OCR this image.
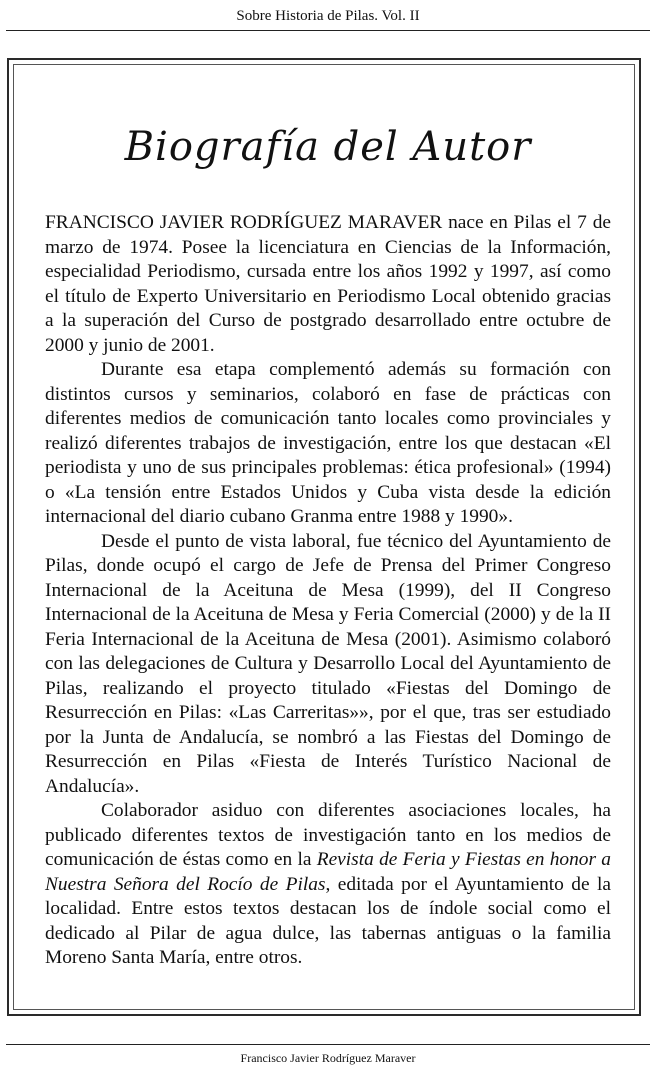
Sobre Historia de Pilas. Vol. II
Biografía del Autor

FRANCISCO JAVIER RODRÍGUEZ MARAVER nace en Pilas el 7 de marzo de 1974. Posee la licenciatura en Ciencias de la Información, especialidad Periodismo, cursada entre los años 1992 y 1997, así como el título de Experto Universitario en Periodismo Local obtenido gracias a la superación del Curso de postgrado desarrollado entre octubre de 2000 y junio de 2001.

Durante esa etapa complementó además su formación con distintos cursos y seminarios, colaboró en fase de prácticas con diferentes medios de comunicación tanto locales como provinciales y realizó diferentes trabajos de investigación, entre los que destacan «El periodista y uno de sus principales problemas: ética profesional» (1994) o «La tensión entre Estados Unidos y Cuba vista desde la edición internacional del diario cubano Granma entre 1988 y 1990».

Desde el punto de vista laboral, fue técnico del Ayuntamiento de Pilas, donde ocupó el cargo de Jefe de Prensa del Primer Congreso Internacional de la Aceituna de Mesa (1999), del II Congreso Internacional de la Aceituna de Mesa y Feria Comercial (2000) y de la II Feria Internacional de la Aceituna de Mesa (2001). Asimismo colaboró con las delegaciones de Cultura y Desarrollo Local del Ayuntamiento de Pilas, realizando el proyecto titulado «Fiestas del Domingo de Resurrección en Pilas: «Las Carreritas»», por el que, tras ser estudiado por la Junta de Andalucía, se nombró a las Fiestas del Domingo de Resurrección en Pilas «Fiesta de Interés Turístico Nacional de Andalucía».

Colaborador asiduo con diferentes asociaciones locales, ha publicado diferentes textos de investigación tanto en los medios de comunicación de éstas como en la Revista de Feria y Fiestas en honor a Nuestra Señora del Rocío de Pilas, editada por el Ayuntamiento de la localidad. Entre estos textos destacan los de índole social como el dedicado al Pilar de agua dulce, las tabernas antiguas o la familia Moreno Santa María, entre otros.

Francisco Javier Rodríguez Maraver
